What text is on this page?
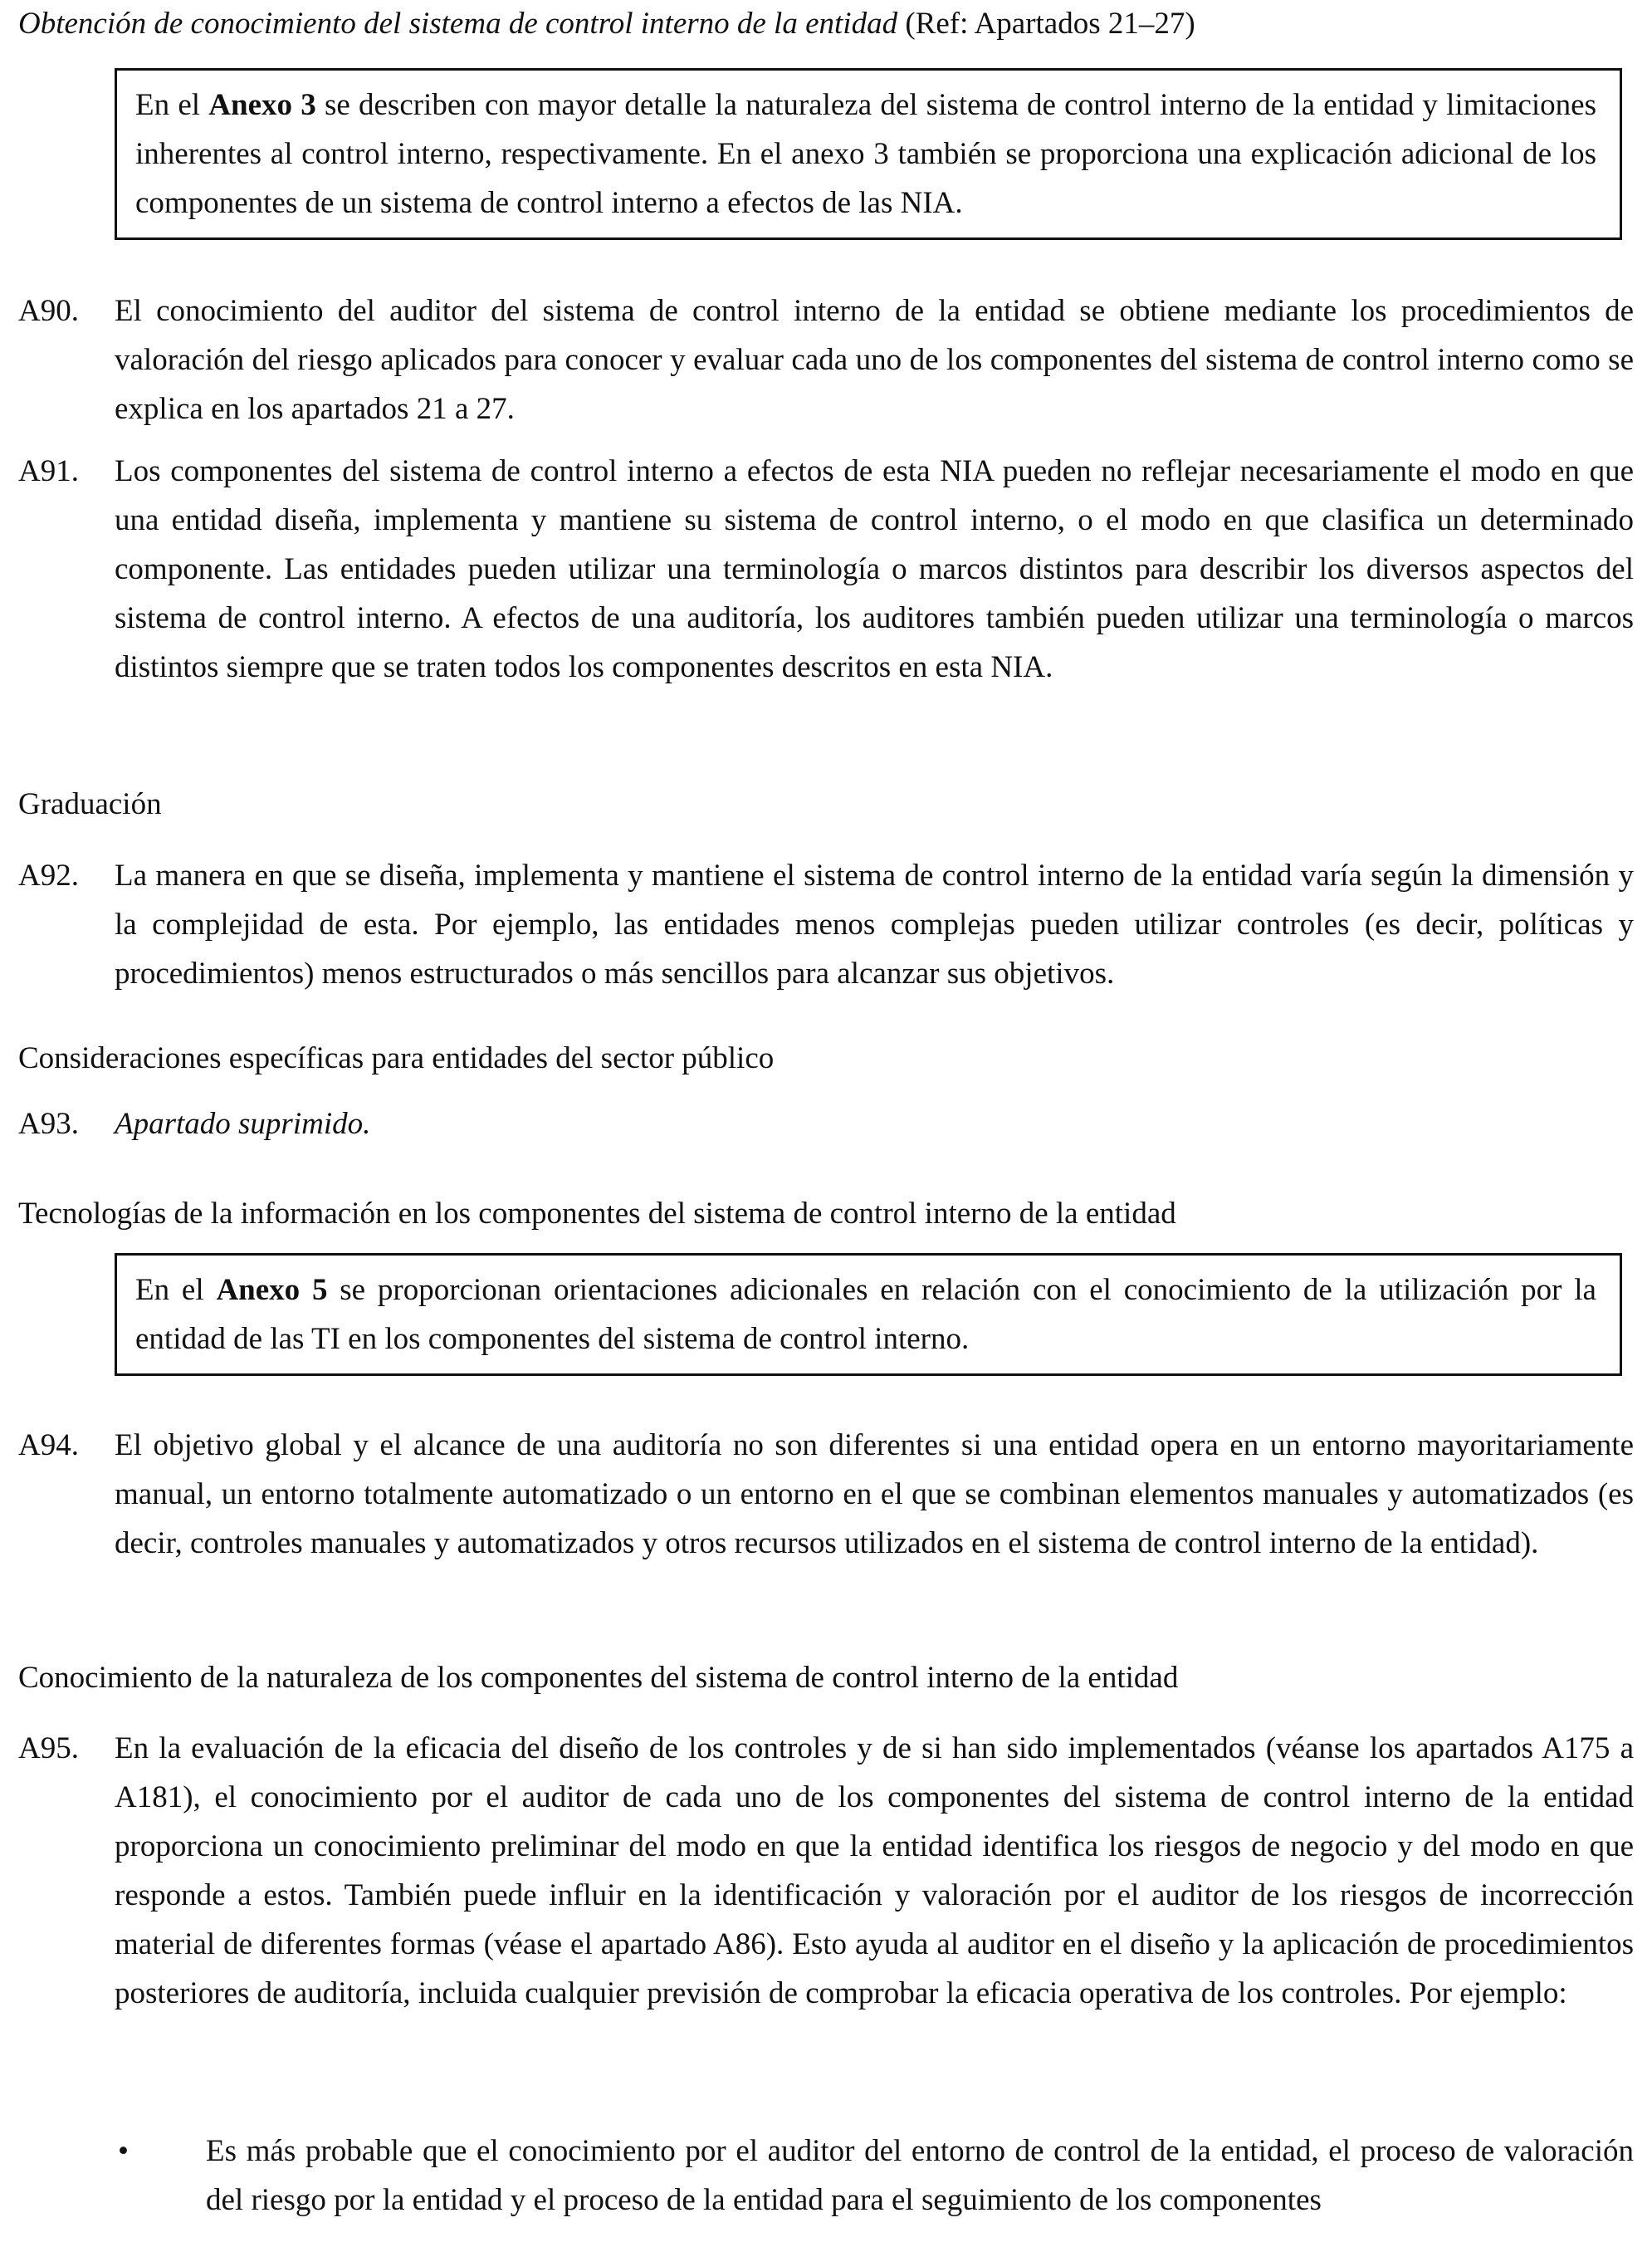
Obtención de conocimiento del sistema de control interno de la entidad (Ref: Apartados 21–27)
En el Anexo 3 se describen con mayor detalle la naturaleza del sistema de control interno de la entidad y limitaciones inherentes al control interno, respectivamente. En el anexo 3 también se proporciona una explicación adicional de los componentes de un sistema de control interno a efectos de las NIA.
A90.	El conocimiento del auditor del sistema de control interno de la entidad se obtiene mediante los procedimientos de valoración del riesgo aplicados para conocer y evaluar cada uno de los componentes del sistema de control interno como se explica en los apartados 21 a 27.
A91.	Los componentes del sistema de control interno a efectos de esta NIA pueden no reflejar necesariamente el modo en que una entidad diseña, implementa y mantiene su sistema de control interno, o el modo en que clasifica un determinado componente. Las entidades pueden utilizar una terminología o marcos distintos para describir los diversos aspectos del sistema de control interno. A efectos de una auditoría, los auditores también pueden utilizar una terminología o marcos distintos siempre que se traten todos los componentes descritos en esta NIA.
Graduación
A92.	La manera en que se diseña, implementa y mantiene el sistema de control interno de la entidad varía según la dimensión y la complejidad de esta. Por ejemplo, las entidades menos complejas pueden utilizar controles (es decir, políticas y procedimientos) menos estructurados o más sencillos para alcanzar sus objetivos.
Consideraciones específicas para entidades del sector público
A93.	Apartado suprimido.
Tecnologías de la información en los componentes del sistema de control interno de la entidad
En el Anexo 5 se proporcionan orientaciones adicionales en relación con el conocimiento de la utilización por la entidad de las TI en los componentes del sistema de control interno.
A94.	El objetivo global y el alcance de una auditoría no son diferentes si una entidad opera en un entorno mayoritariamente manual, un entorno totalmente automatizado o un entorno en el que se combinan elementos manuales y automatizados (es decir, controles manuales y automatizados y otros recursos utilizados en el sistema de control interno de la entidad).
Conocimiento de la naturaleza de los componentes del sistema de control interno de la entidad
A95.	En la evaluación de la eficacia del diseño de los controles y de si han sido implementados (véanse los apartados A175 a A181), el conocimiento por el auditor de cada uno de los componentes del sistema de control interno de la entidad proporciona un conocimiento preliminar del modo en que la entidad identifica los riesgos de negocio y del modo en que responde a estos. También puede influir en la identificación y valoración por el auditor de los riesgos de incorrección material de diferentes formas (véase el apartado A86). Esto ayuda al auditor en el diseño y la aplicación de procedimientos posteriores de auditoría, incluida cualquier previsión de comprobar la eficacia operativa de los controles. Por ejemplo:
•	Es más probable que el conocimiento por el auditor del entorno de control de la entidad, el proceso de valoración del riesgo por la entidad y el proceso de la entidad para el seguimiento de los componentes
